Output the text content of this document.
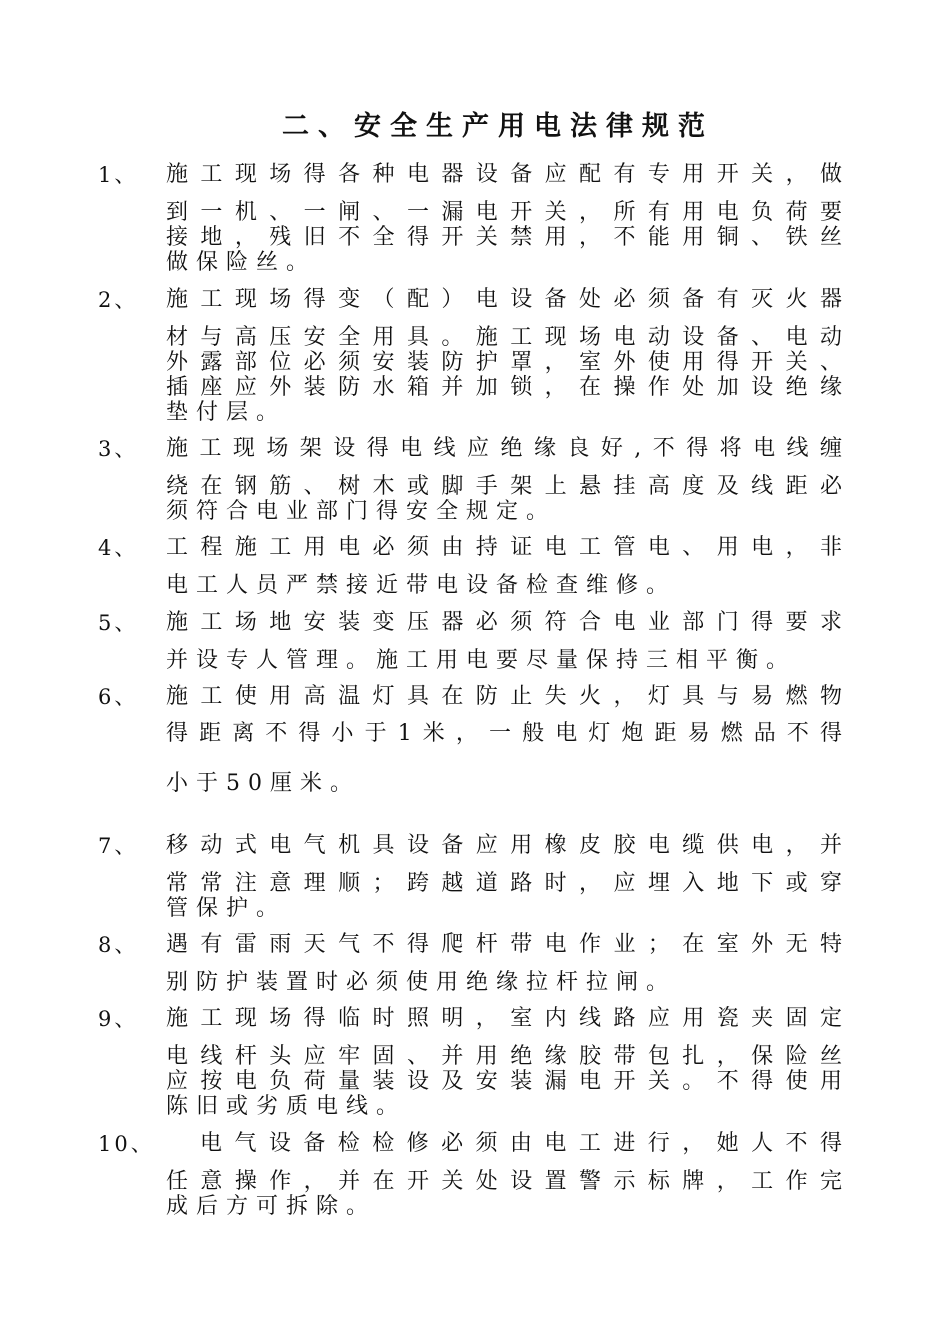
二、安全生产用电法律规范
1、 施工现场得各种电器设备应配有专用开关，做
到一机、一闸、一漏电开关，所有用电负荷要
接地，残旧不全得开关禁用，不能用铜、铁丝
做保险丝。
2、 施工现场得变（配）电设备处必须备有灭火器
材与高压安全用具。施工现场电动设备、电动
外露部位必须安装防护罩，室外使用得开关、
插座应外装防水箱并加锁，在操作处加设绝缘
垫付层。
3、 施工现场架设得电线应绝缘良好,不得将电线缠
绕在钢筋、树木或脚手架上悬挂高度及线距必
须符合电业部门得安全规定。
4、 工程施工用电必须由持证电工管电、用电，非
电工人员严禁接近带电设备检查维修。
5、 施工场地安装变压器必须符合电业部门得要求
并设专人管理。施工用电要尽量保持三相平衡。
6、 施工使用高温灯具在防止失火，灯具与易燃物
得距离不得小于1米，一般电灯炮距易燃品不得
小于50厘米。
7、 移动式电气机具设备应用橡皮胶电缆供电，并
常常注意理顺；跨越道路时，应埋入地下或穿
管保护。
8、 遇有雷雨天气不得爬杆带电作业；在室外无特
别防护装置时必须使用绝缘拉杆拉闸。
9、 施工现场得临时照明，室内线路应用瓷夹固定
电线杆头应牢固、并用绝缘胶带包扎，保险丝
应按电负荷量装设及安装漏电开关。不得使用
陈旧或劣质电线。
10、 电气设备检检修必须由电工进行，她人不得
任意操作，并在开关处设置警示标牌，工作完
成后方可拆除。
